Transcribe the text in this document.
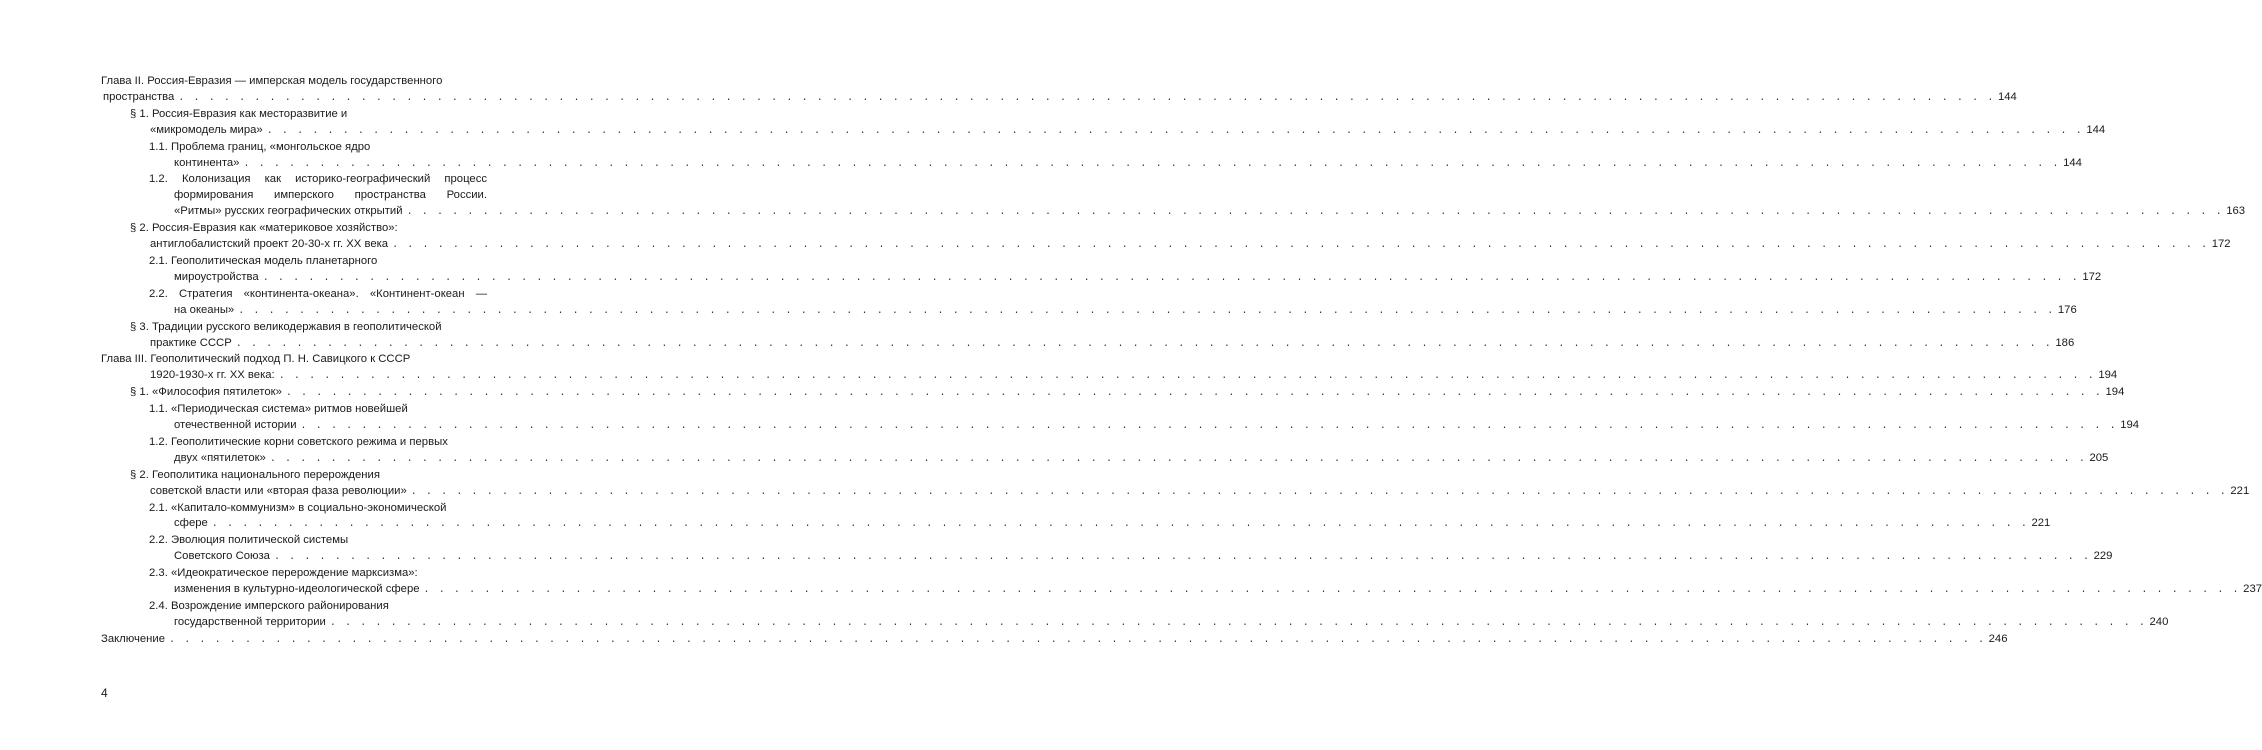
Глава II. Россия-Евразия — имперская модель государственного
пространства . . . . . . . . . . . . . . . . . . . . . . . . . . . . . . . . . . . . . . . . . . . . . . . . . . . . . . . . . . . . . . . . . . . . . . . . . . . . . . . . . . . . . . . . . . . . . . . . . . . . . . . . . . . . . . . . . . . . . . . . 144
§ 1. Россия-Евразия как месторазвитие и
«микромодель мира» . . . . . . . . . . . . . . . . . . . . . . . . . . . . . . . . . . . . . . . . . . . . . . . . . . . . . . . . . . . . . . . . . . . . . . . . . . . . . . . . . . . . . . . . . . . . . . . . . . . . . . . . . . . . . . . . . . . . . . . . 144
1.1. Проблема границ, «монгольское ядро
континента» . . . . . . . . . . . . . . . . . . . . . . . . . . . . . . . . . . . . . . . . . . . . . . . . . . . . . . . . . . . . . . . . . . . . . . . . . . . . . . . . . . . . . . . . . . . . . . . . . . . . . . . . . . . . . . . . . . . . . . . . 144
1.2. Колонизация как историко-географический процесс
формирования имперского пространства России.
«Ритмы» русских географических открытий . . . . . . . . . . . . . . . . . . . . . . . . . . . . . . . . . . . . . . . . . . . . . . . . . . . . . . . . . . . . . . . . . . . . . . . . . . . . . . . . . . . . . . . . . . . . . . . . . . . . . . . . . . . . . . . . . . . . . . . . 163
§ 2. Россия-Евразия как «материковое хозяйство»:
антиглобалистский проект 20-30-х гг. XX века . . . . . . . . . . . . . . . . . . . . . . . . . . . . . . . . . . . . . . . . . . . . . . . . . . . . . . . . . . . . . . . . . . . . . . . . . . . . . . . . . . . . . . . . . . . . . . . . . . . . . . . . . . . . . . . . . . . . . . . . 172
2.1. Геополитическая модель планетарного
мироустройства . . . . . . . . . . . . . . . . . . . . . . . . . . . . . . . . . . . . . . . . . . . . . . . . . . . . . . . . . . . . . . . . . . . . . . . . . . . . . . . . . . . . . . . . . . . . . . . . . . . . . . . . . . . . . . . . . . . . . . . . 172
2.2. Стратегия «континента-океана». «Континент-океан —
на океаны» . . . . . . . . . . . . . . . . . . . . . . . . . . . . . . . . . . . . . . . . . . . . . . . . . . . . . . . . . . . . . . . . . . . . . . . . . . . . . . . . . . . . . . . . . . . . . . . . . . . . . . . . . . . . . . . . . . . . . . . . 176
§ 3. Традиции русского великодержавия в геополитической
практике СССР . . . . . . . . . . . . . . . . . . . . . . . . . . . . . . . . . . . . . . . . . . . . . . . . . . . . . . . . . . . . . . . . . . . . . . . . . . . . . . . . . . . . . . . . . . . . . . . . . . . . . . . . . . . . . . . . . . . . . . . . 186
Глава III. Геополитический подход П. Н. Савицкого к СССР
1920-1930-х гг. XX века: . . . . . . . . . . . . . . . . . . . . . . . . . . . . . . . . . . . . . . . . . . . . . . . . . . . . . . . . . . . . . . . . . . . . . . . . . . . . . . . . . . . . . . . . . . . . . . . . . . . . . . . . . . . . . . . . . . . . . . . . 194
§ 1. «Философия пятилеток» . . . . . . . . . . . . . . . . . . . . . . . . . . . . . . . . . . . . . . . . . . . . . . . . . . . . . . . . . . . . . . . . . . . . . . . . . . . . . . . . . . . . . . . . . . . . . . . . . . . . . . . . . . . . . . . . . . . . . . . . 194
1.1. «Периодическая система» ритмов новейшей
отечественной истории . . . . . . . . . . . . . . . . . . . . . . . . . . . . . . . . . . . . . . . . . . . . . . . . . . . . . . . . . . . . . . . . . . . . . . . . . . . . . . . . . . . . . . . . . . . . . . . . . . . . . . . . . . . . . . . . . . . . . . . . 194
1.2. Геополитические корни советского режима и первых
двух «пятилеток» . . . . . . . . . . . . . . . . . . . . . . . . . . . . . . . . . . . . . . . . . . . . . . . . . . . . . . . . . . . . . . . . . . . . . . . . . . . . . . . . . . . . . . . . . . . . . . . . . . . . . . . . . . . . . . . . . . . . . . . . 205
§ 2. Геополитика национального перерождения
советской власти или «вторая фаза революции» . . . . . . . . . . . . . . . . . . . . . . . . . . . . . . . . . . . . . . . . . . . . . . . . . . . . . . . . . . . . . . . . . . . . . . . . . . . . . . . . . . . . . . . . . . . . . . . . . . . . . . . . . . . . . . . . . . . . . . . . 221
2.1. «Капитало-коммунизм» в социально-экономической
сфере . . . . . . . . . . . . . . . . . . . . . . . . . . . . . . . . . . . . . . . . . . . . . . . . . . . . . . . . . . . . . . . . . . . . . . . . . . . . . . . . . . . . . . . . . . . . . . . . . . . . . . . . . . . . . . . . . . . . . . . . 221
2.2. Эволюция политической системы
Советского Союза . . . . . . . . . . . . . . . . . . . . . . . . . . . . . . . . . . . . . . . . . . . . . . . . . . . . . . . . . . . . . . . . . . . . . . . . . . . . . . . . . . . . . . . . . . . . . . . . . . . . . . . . . . . . . . . . . . . . . . . . 229
2.3. «Идеократическое перерождение марксизма»:
изменения в культурно-идеологической сфере . . . . . . . . . . . . . . . . . . . . . . . . . . . . . . . . . . . . . . . . . . . . . . . . . . . . . . . . . . . . . . . . . . . . . . . . . . . . . . . . . . . . . . . . . . . . . . . . . . . . . . . . . . . . . . . . . . . . . . . . 237
2.4. Возрождение имперского районирования
государственной территории . . . . . . . . . . . . . . . . . . . . . . . . . . . . . . . . . . . . . . . . . . . . . . . . . . . . . . . . . . . . . . . . . . . . . . . . . . . . . . . . . . . . . . . . . . . . . . . . . . . . . . . . . . . . . . . . . . . . . . . . 240
Заключение . . . . . . . . . . . . . . . . . . . . . . . . . . . . . . . . . . . . . . . . . . . . . . . . . . . . . . . . . . . . . . . . . . . . . . . . . . . . . . . . . . . . . . . . . . . . . . . . . . . . . . . . . . . . . . . . . . . . . . . . 246
4
